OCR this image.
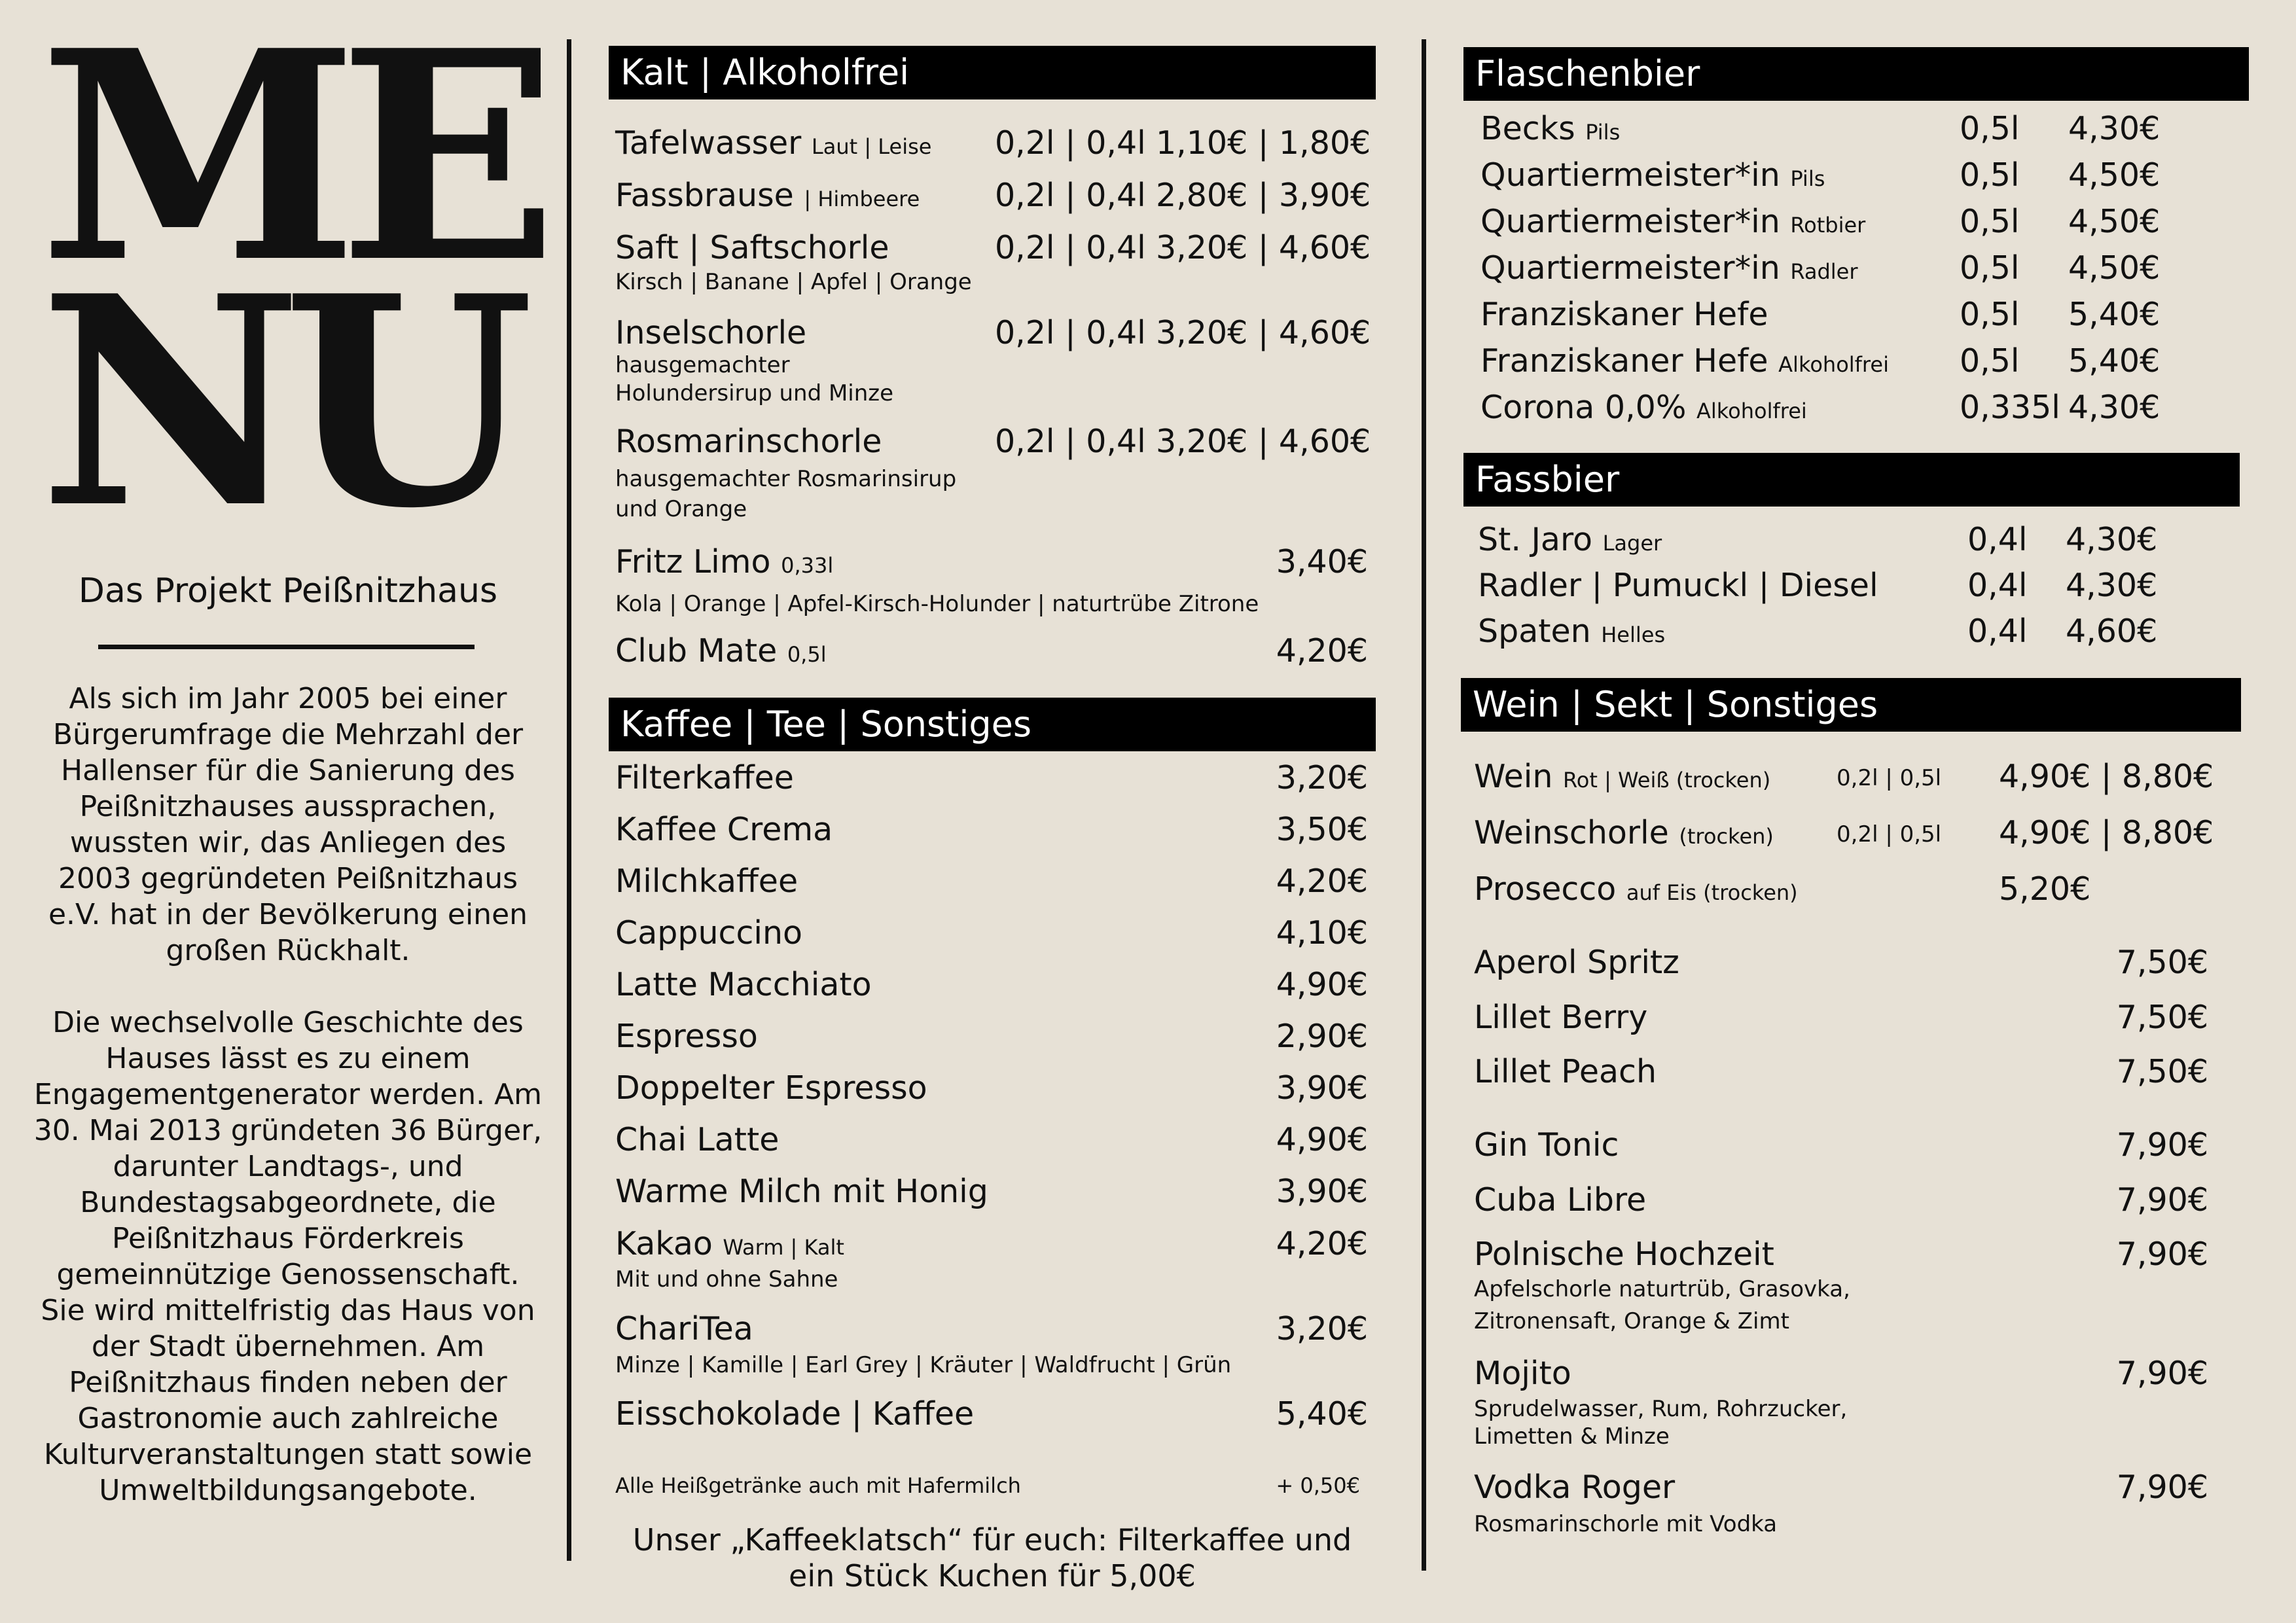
ME
NU
Das Projekt Peißnitzhaus

Als sich im Jahr 2005 bei einer Bürgerumfrage die Mehrzahl der Hallenser für die Sanierung des Peißnitzhauses aussprachen, wussten wir, das Anliegen des 2003 gegründeten Peißnitzhaus e.V. hat in der Bevölkerung einen großen Rückhalt.

Die wechselvolle Geschichte des Hauses lässt es zu einem Engagementgenerator werden. Am 30. Mai 2013 gründeten 36 Bürger, darunter Landtags-, und Bundestagsabgeordnete, die Peißnitzhaus Förderkreis gemeinnützige Genossenschaft. Sie wird mittelfristig das Haus von der Stadt übernehmen. Am Peißnitzhaus finden neben der Gastronomie auch zahlreiche Kulturveranstaltungen statt sowie Umweltbildungsangebote.

Kalt | Alkoholfrei
Tafelwasser Laut | Leise 0,2l | 0,4l 1,10€ | 1,80€
Fassbrause | Himbeere 0,2l | 0,4l 2,80€ | 3,90€
Saft | Saftschorle	0,2l | 0,4l 3,20€ | 4,60€
Kirsch | Banane | Apfel | Orange
Inselschorle	0,2l | 0,4l 3,20€ | 4,60€
hausgemachter
Holundersirup und Minze
Rosmarinschorle	0,2l | 0,4l 3,20€ | 4,60€
hausgemachter Rosmarinsirup
und Orange
Fritz Limo 0,33l	3,40€
Kola | Orange | Apfel-Kirsch-Holunder | naturtrübe Zitrone
Club Mate 0,5l	4,20€
Kaffee | Tee | Sonstiges
Filterkaffee	3,20€
Kaffee Crema	3,50€
Milchkaffee	4,20€
Cappuccino	4,10€
Latte Macchiato	4,90€
Espresso	2,90€
Doppelter Espresso	3,90€
Chai Latte	4,90€
Warme Milch mit Honig	3,90€
Kakao Warm | Kalt	4,20€
Mit und ohne Sahne
ChariTea	3,20€
Minze | Kamille | Earl Grey | Kräuter | Waldfrucht | Grün
Eisschokolade | Kaffee	5,40€
Alle Heißgetränke auch mit Hafermilch	+ 0,50€
Unser „Kaffeeklatsch“ für euch: Filterkaffee und
ein Stück Kuchen für 5,00€
Flaschenbier
Becks Pils	0,5l 4,30€
Quartiermeister*in Pils	0,5l 4,50€
Quartiermeister*in Rotbier	0,5l 4,50€
Quartiermeister*in Radler	0,5l 4,50€
Franziskaner Hefe	0,5l 5,40€
Franziskaner Hefe Alkoholfrei 0,5l 5,40€
Corona 0,0% Alkoholfrei	0,335l 4,30€
Fassbier
St. Jaro Lager	0,4l 4,30€
Radler | Pumuckl | Diesel	0,4l 4,30€
Spaten Helles	0,4l 4,60€
Wein | Sekt | Sonstiges
Wein Rot | Weiß (trocken)	0,2l | 0,5l 4,90€ | 8,80€
Weinschorle (trocken)	0,2l | 0,5l 4,90€ | 8,80€
Prosecco auf Eis (trocken)	5,20€
Aperol Spritz	7,50€
Lillet Berry	7,50€
Lillet Peach	7,50€
Gin Tonic	7,90€
Cuba Libre	7,90€
Polnische Hochzeit	7,90€
Apfelschorle naturtrüb, Grasovka,
Zitronensaft, Orange & Zimt
Mojito	7,90€
Sprudelwasser, Rum, Rohrzucker,
Limetten & Minze
Vodka Roger	7,90€
Rosmarinschorle mit Vodka
